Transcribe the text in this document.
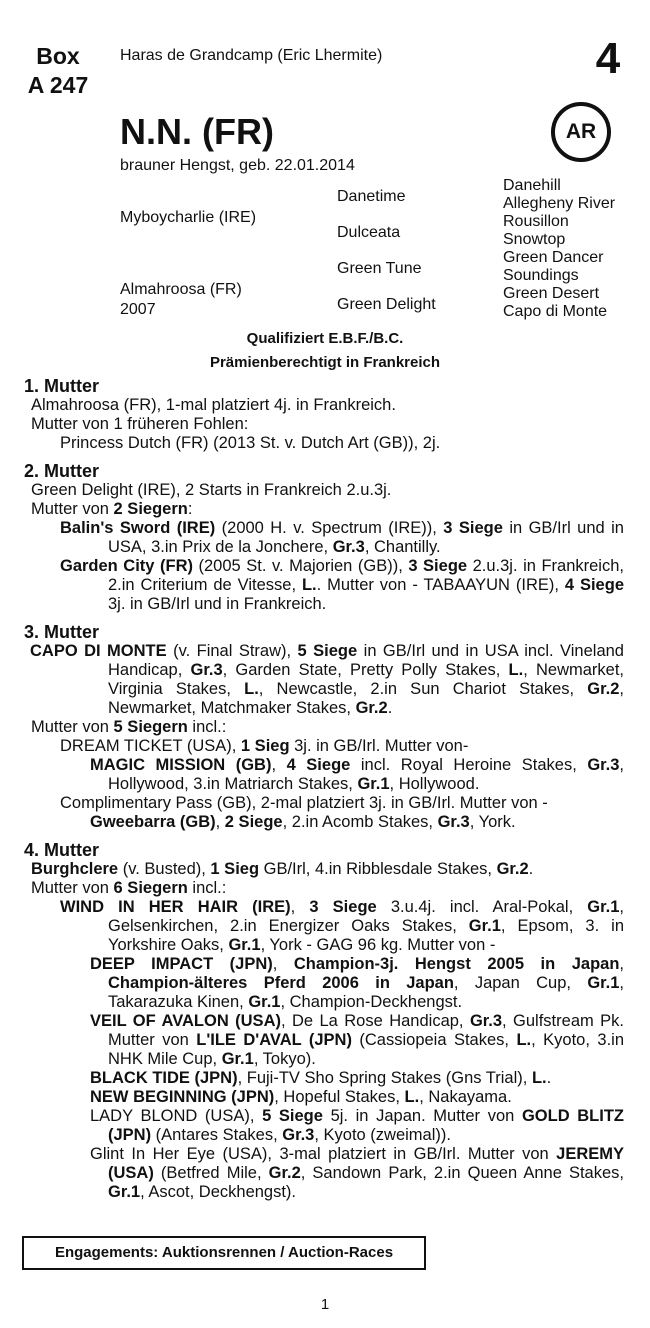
Box
A 247
Haras de Grandcamp (Eric Lhermite)	4
AR
N.N. (FR)
brauner Hengst, geb. 22.01.2014
Myboycharlie (IRE)
Almahroosa (FR)
2007
Danetime
Dulceata
Green Tune
Green Delight
Danehill
Allegheny River
Rousillon
Snowtop
Green Dancer
Soundings
Green Desert
Capo di Monte
Qualifiziert E.B.F./B.C.
Prämienberechtigt in Frankreich
1. Mutter
Almahroosa (FR), 1-mal platziert 4j. in Frankreich.
Mutter von 1 früheren Fohlen:
Princess Dutch (FR) (2013 St. v. Dutch Art (GB)), 2j.
2. Mutter
Green Delight (IRE), 2 Starts in Frankreich 2.u.3j.
Mutter von 2 Siegern:
Balin's Sword (IRE) (2000 H. v. Spectrum (IRE)), 3 Siege in GB/Irl und in USA, 3.in Prix de la Jonchere, Gr.3, Chantilly.
Garden City (FR) (2005 St. v. Majorien (GB)), 3 Siege 2.u.3j. in Frankreich, 2.in Criterium de Vitesse, L.. Mutter von - TABAAYUN (IRE), 4 Siege 3j. in GB/Irl und in Frankreich.
3. Mutter
CAPO DI MONTE (v. Final Straw), 5 Siege in GB/Irl und in USA incl. Vineland Handicap, Gr.3, Garden State, Pretty Polly Stakes, L., Newmarket, Virginia Stakes, L., Newcastle, 2.in Sun Chariot Stakes, Gr.2, Newmarket, Matchmaker Stakes, Gr.2.
Mutter von 5 Siegern incl.:
DREAM TICKET (USA), 1 Sieg 3j. in GB/Irl. Mutter von-
MAGIC MISSION (GB), 4 Siege incl. Royal Heroine Stakes, Gr.3, Hollywood, 3.in Matriarch Stakes, Gr.1, Hollywood.
Complimentary Pass (GB), 2-mal platziert 3j. in GB/Irl. Mutter von -
Gweebarra (GB), 2 Siege, 2.in Acomb Stakes, Gr.3, York.
4. Mutter
Burghclere (v. Busted), 1 Sieg GB/Irl, 4.in Ribblesdale Stakes, Gr.2.
Mutter von 6 Siegern incl.:
WIND IN HER HAIR (IRE), 3 Siege 3.u.4j. incl. Aral-Pokal, Gr.1, Gelsenkirchen, 2.in Energizer Oaks Stakes, Gr.1, Epsom, 3. in Yorkshire Oaks, Gr.1, York - GAG 96 kg. Mutter von -
DEEP IMPACT (JPN), Champion-3j. Hengst 2005 in Japan, Champion-älteres Pferd 2006 in Japan, Japan Cup, Gr.1, Takarazuka Kinen, Gr.1, Champion-Deckhengst.
VEIL OF AVALON (USA), De La Rose Handicap, Gr.3, Gulfstream Pk. Mutter von L'ILE D'AVAL (JPN) (Cassiopeia Stakes, L., Kyoto, 3.in NHK Mile Cup, Gr.1, Tokyo).
BLACK TIDE (JPN), Fuji-TV Sho Spring Stakes (Gns Trial), L..
NEW BEGINNING (JPN), Hopeful Stakes, L., Nakayama.
LADY BLOND (USA), 5 Siege 5j. in Japan. Mutter von GOLD BLITZ (JPN) (Antares Stakes, Gr.3, Kyoto (zweimal)).
Glint In Her Eye (USA), 3-mal platziert in GB/Irl. Mutter von JEREMY (USA) (Betfred Mile, Gr.2, Sandown Park, 2.in Queen Anne Stakes, Gr.1, Ascot, Deckhengst).
Engagements: Auktionsrennen / Auction-Races
1
